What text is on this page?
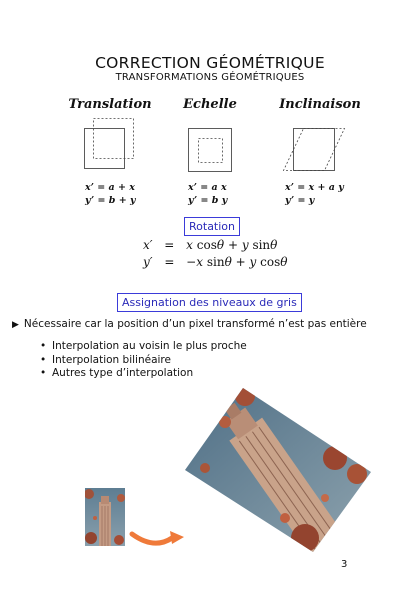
CORRECTION GÉOMÉTRIQUE
TRANSFORMATIONS GÉOMÉTRIQUES
Translation	Echelle	Inclinaison
x’ = a + x
y’ = b + y
x’ = a x
y’ = b y
x’ = x + a y
y’ = y
Rotation
x′ = x cosθ + y sinθ
y′ = −x sinθ + y cosθ
Assignation des niveaux de gris
▶ Nécessaire car la position d’un pixel transformé n’est pas entière
• Interpolation au voisin le plus proche
• Interpolation bilinéaire
• Autres type d’interpolation
3
